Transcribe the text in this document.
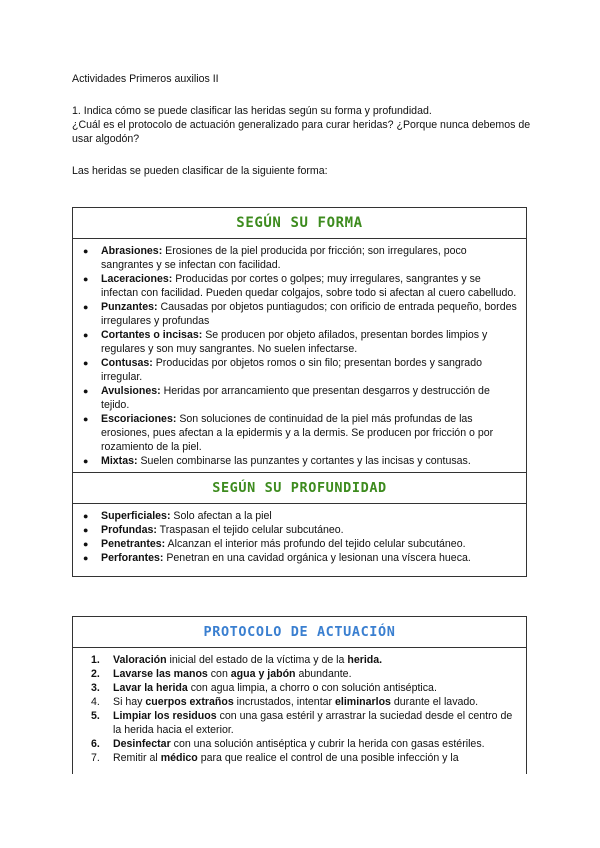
Actividades Primeros auxilios II

1. Indica cómo se puede clasificar las heridas según su forma y profundidad.

¿Cuál es el protocolo de actuación generalizado para curar heridas? ¿Porque nunca debemos de usar algodón?

Las heridas se pueden clasificar de la siguiente forma:
SEGÚN SU FORMA
● Abrasiones: Erosiones de la piel producida por fricción; son irregulares, poco sangrantes y se infectan con facilidad.
● Laceraciones: Producidas por cortes o golpes; muy irregulares, sangrantes y se infectan con facilidad. Pueden quedar colgajos, sobre todo si afectan al cuero cabelludo.
● Punzantes: Causadas por objetos puntiagudos; con orificio de entrada pequeño, bordes irregulares y profundas
● Cortantes o incisas: Se producen por objeto afilados, presentan bordes limpios y regulares y son muy sangrantes. No suelen infectarse.
● Contusas: Producidas por objetos romos o sin filo; presentan bordes y sangrado irregular.
● Avulsiones: Heridas por arrancamiento que presentan desgarros y destrucción de tejido.
● Escoriaciones: Son soluciones de continuidad de la piel más profundas de las erosiones, pues afectan a la epidermis y a la dermis. Se producen por fricción o por rozamiento de la piel.
● Mixtas: Suelen combinarse las punzantes y cortantes y las incisas y contusas.
SEGÚN SU PROFUNDIDAD
● Superficiales: Solo afectan a la piel
● Profundas: Traspasan el tejido celular subcutáneo.
● Penetrantes: Alcanzan el interior más profundo del tejido celular subcutáneo.
● Perforantes: Penetran en una cavidad orgánica y lesionan una víscera hueca.
PROTOCOLO DE ACTUACIÓN
1.	Valoración inicial del estado de la víctima y de la herida.
2.	Lavarse las manos con agua y jabón abundante.
3.	Lavar la herida con agua limpia, a chorro o con solución antiséptica.
4.	Si hay cuerpos extraños incrustados, intentar eliminarlos durante el lavado.
5.	Limpiar los residuos con una gasa estéril y arrastrar la suciedad desde el centro de la herida hacia el exterior.
6.	Desinfectar con una solución antiséptica y cubrir la herida con gasas estériles.
7.	Remitir al médico para que realice el control de una posible infección y la
